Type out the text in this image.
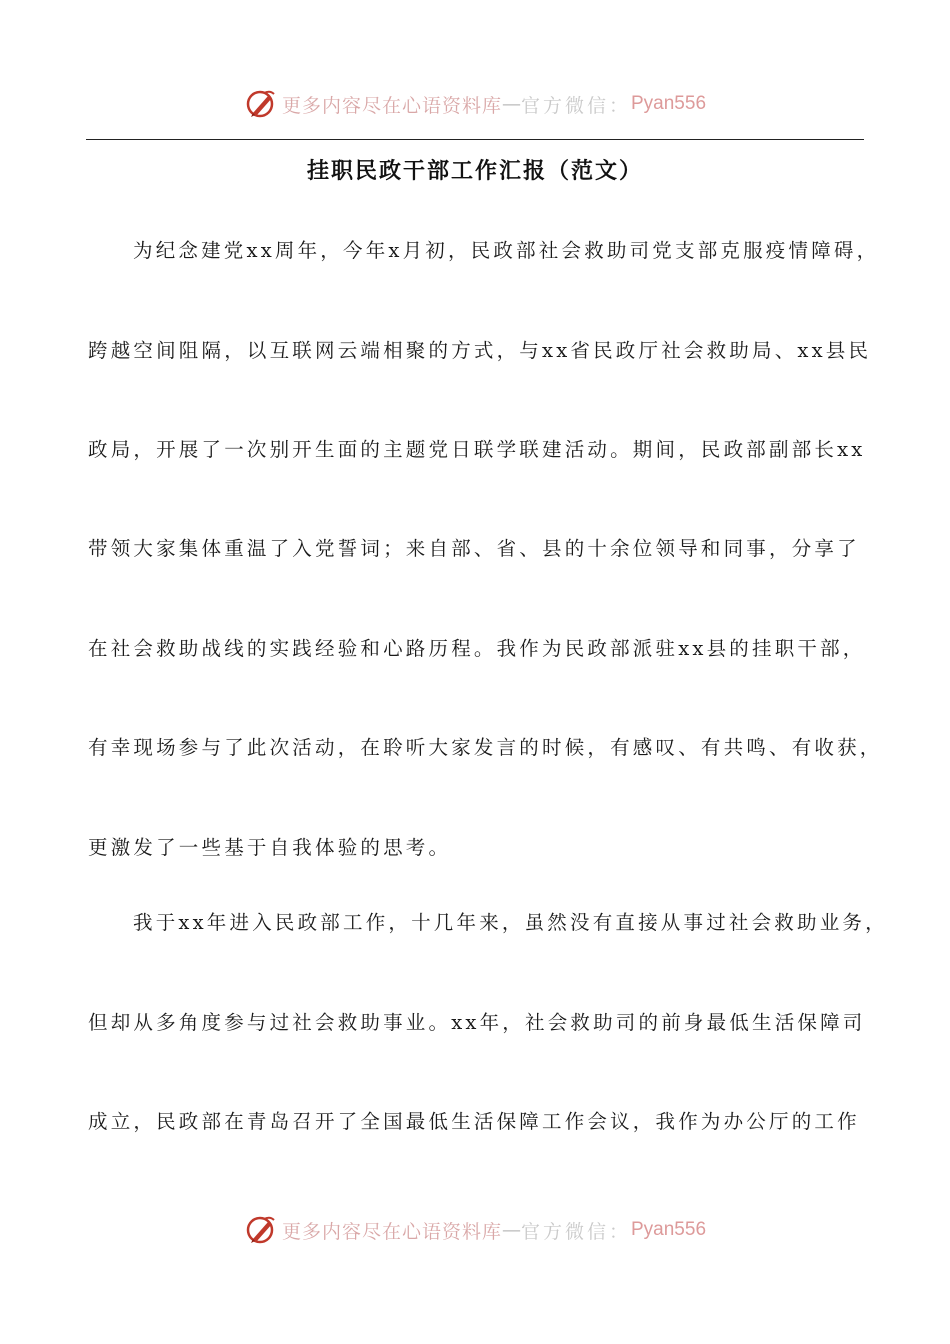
更多内容尽在心语资料库 — 官方微信： Pyan556
挂职民政干部工作汇报（范文）
为纪念建党xx周年，今年x月初，民政部社会救助司党支部克服疫情障碍，
跨越空间阻隔，以互联网云端相聚的方式，与xx省民政厅社会救助局、xx县民
政局，开展了一次别开生面的主题党日联学联建活动。期间，民政部副部长xx
带领大家集体重温了入党誓词；来自部、省、县的十余位领导和同事，分享了
在社会救助战线的实践经验和心路历程。我作为民政部派驻xx县的挂职干部，
有幸现场参与了此次活动，在聆听大家发言的时候，有感叹、有共鸣、有收获，
更激发了一些基于自我体验的思考。
我于xx年进入民政部工作，十几年来，虽然没有直接从事过社会救助业务，
但却从多角度参与过社会救助事业。xx年，社会救助司的前身最低生活保障司
成立，民政部在青岛召开了全国最低生活保障工作会议，我作为办公厅的工作
更多内容尽在心语资料库 — 官方微信： Pyan556
